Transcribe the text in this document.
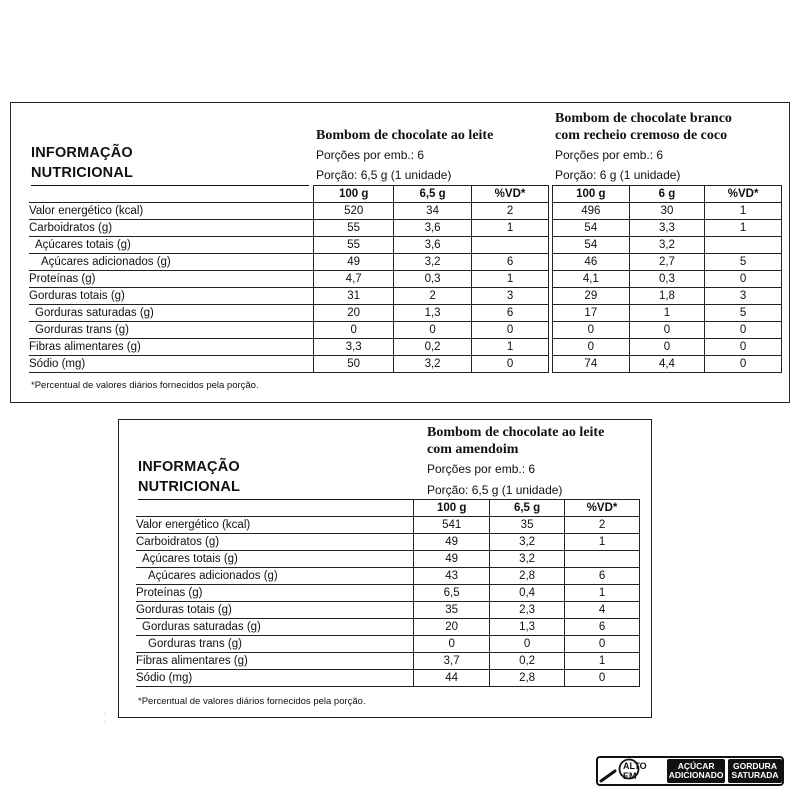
INFORMAÇÃO
NUTRICIONAL
Bombom de chocolate ao leite
Porções por emb.: 6
Porção: 6,5 g (1 unidade)
Bombom de chocolate branco
com recheio cremoso de coco
Porções por emb.: 6
Porção: 6 g (1 unidade)
	100 g	6,5 g	%VD*
Valor energético (kcal)	520	34	2
Carboidratos (g)	55	3,6	1
Açúcares totais (g)	55	3,6	
Açúcares adicionados (g)	49	3,2	6
Proteínas (g)	4,7	0,3	1
Gorduras totais (g)	31	2	3
Gorduras saturadas (g)	20	1,3	6
Gorduras trans (g)	0	0	0
Fibras alimentares (g)	3,3	0,2	1
Sódio (mg)	50	3,2	0
100 g	6 g	%VD*
496	30	1
54	3,3	1
54	3,2	
46	2,7	5
4,1	0,3	0
29	1,8	3
17	1	5
0	0	0
0	0	0
74	4,4	0
*Percentual de valores diários fornecidos pela porção.
INFORMAÇÃO
NUTRICIONAL
Bombom de chocolate ao leite
com amendoim
Porções por emb.: 6
Porção: 6,5 g (1 unidade)
	100 g	6,5 g	%VD*
Valor energético (kcal)	541	35	2
Carboidratos (g)	49	3,2	1
Açúcares totais (g)	49	3,2	
Açúcares adicionados (g)	43	2,8	6
Proteínas (g)	6,5	0,4	1
Gorduras totais (g)	35	2,3	4
Gorduras saturadas (g)	20	1,3	6
Gorduras trans (g)	0	0	0
Fibras alimentares (g)	3,7	0,2	1
Sódio (mg)	44	2,8	0
*Percentual de valores diários fornecidos pela porção.
ALTO EM
AÇÚCAR
ADICIONADO
GORDURA
SATURADA
.
.
